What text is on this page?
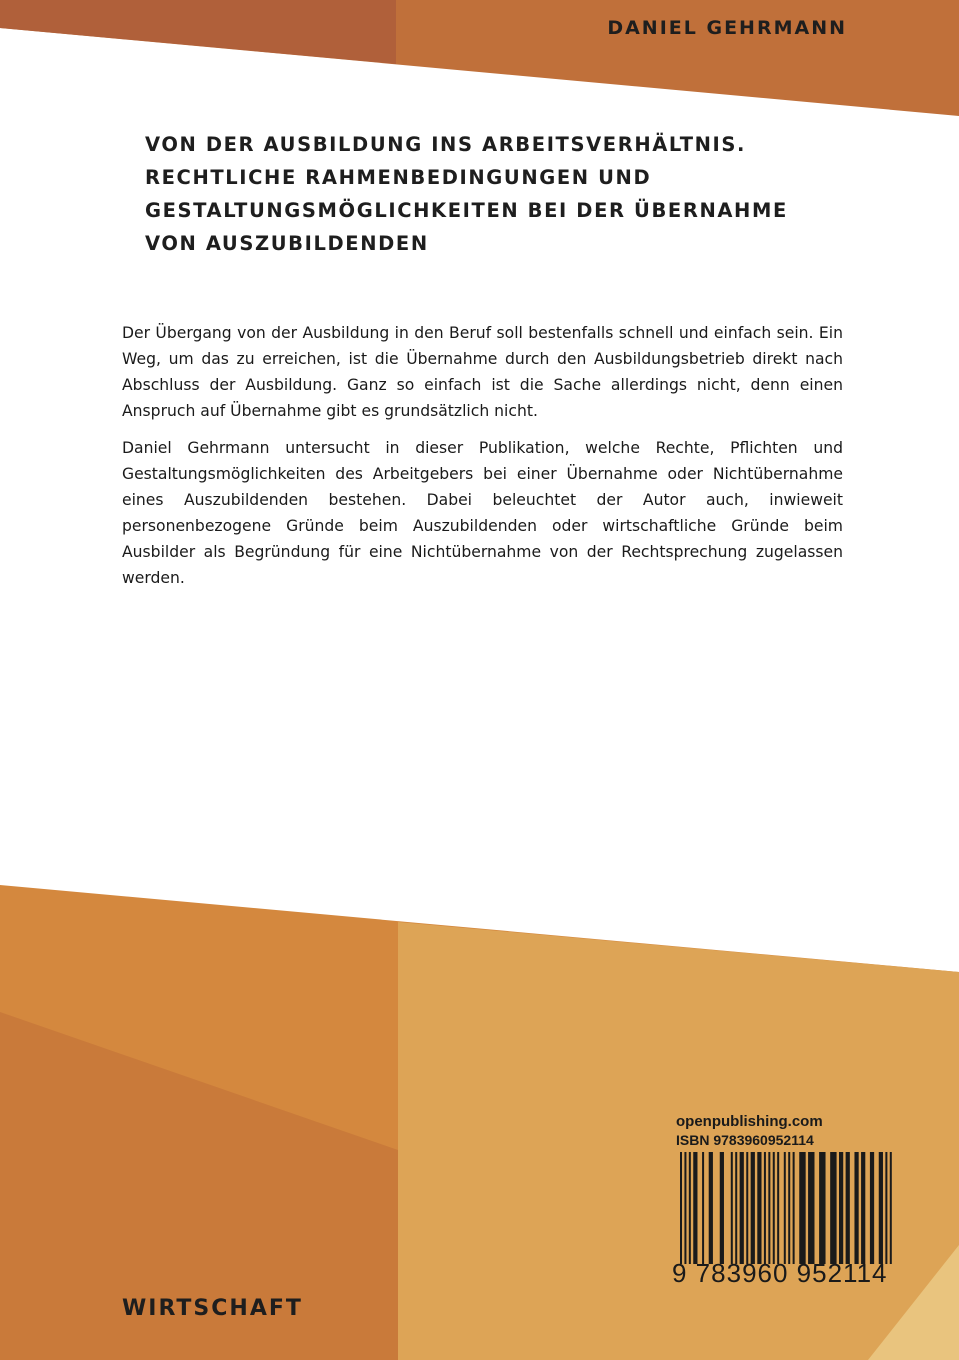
DANIEL GEHRMANN
VON DER AUSBILDUNG INS ARBEITSVERHÄLTNIS.
RECHTLICHE RAHMENBEDINGUNGEN UND
GESTALTUNGSMÖGLICHKEITEN BEI DER ÜBERNAHME
VON AUSZUBILDENDEN

Der Übergang von der Ausbildung in den Beruf soll bestenfalls schnell und einfach sein. Ein Weg, um das zu erreichen, ist die Übernahme durch den Ausbildungsbetrieb direkt nach Abschluss der Ausbildung. Ganz so einfach ist die Sache allerdings nicht, denn einen Anspruch auf Übernahme gibt es grundsätzlich nicht.

Daniel Gehrmann untersucht in dieser Publikation, welche Rechte, Pflichten und Gestaltungsmöglichkeiten des Arbeitgebers bei einer Übernahme oder Nichtübernahme eines Auszubildenden bestehen. Dabei beleuchtet der Autor auch, inwieweit personenbezogene Gründe beim Auszubildenden oder wirtschaftliche Gründe beim Ausbilder als Begründung für eine Nichtübernahme von der Rechtsprechung zugelassen werden.

openpublishing.com
ISBN 9783960952114
9 783960 952114
WIRTSCHAFT
